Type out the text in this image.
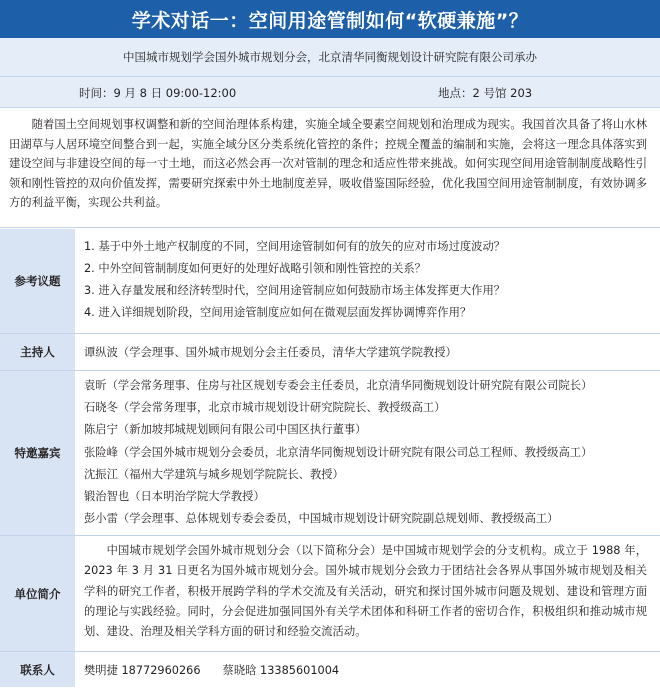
学术对话一：空间用途管制如何“软硬兼施”？
中国城市规划学会国外城市规划分会，北京清华同衡规划设计研究院有限公司承办
时间：9 月 8 日 09:00-12:00	地点：2 号馆 203
随着国土空间规划事权调整和新的空间治理体系构建，实施全域全要素空间规划和治理成为现实。我国首次具备了将山水林田湖草与人居环境空间整合到一起，实施全域分区分类系统化管控的条件；控规全覆盖的编制和实施，会将这一理念具体落实到建设空间与非建设空间的每一寸土地，而这必然会再一次对管制的理念和适应性带来挑战。如何实现空间用途管制制度战略性引领和刚性管控的双向价值发挥，需要研究探索中外土地制度差异，吸收借鉴国际经验，优化我国空间用途管制制度，有效协调多方的利益平衡，实现公共利益。
参考议题

1. 基于中外土地产权制度的不同，空间用途管制如何有的放矢的应对市场过度波动？

2. 中外空间管制制度如何更好的处理好战略引领和刚性管控的关系？

3. 进入存量发展和经济转型时代，空间用途管制应如何鼓励市场主体发挥更大作用？

4. 进入详细规划阶段，空间用途管制度应如何在微观层面发挥协调博弈作用？

主持人	谭纵波（学会理事、国外城市规划分会主任委员，清华大学建筑学院教授）
特邀嘉宾

袁昕（学会常务理事、住房与社区规划专委会主任委员，北京清华同衡规划设计研究院有限公司院长）

石晓冬（学会常务理事，北京市城市规划设计研究院院长、教授级高工）

陈启宁（新加坡邦城规划顾问有限公司中国区执行董事）

张险峰（学会国外城市规划分会委员，北京清华同衡规划设计研究院有限公司总工程师、教授级高工）

沈振江（福州大学建筑与城乡规划学院院长、教授）

锻治智也（日本明治学院大学教授）

彭小雷（学会理事、总体规划专委会委员，中国城市规划设计研究院副总规划师、教授级高工）

单位简介
中国城市规划学会国外城市规划分会（以下简称分会）是中国城市规划学会的分支机构。成立于 1988 年，2023 年 3 月 31 日更名为国外城市规划分会。国外城市规划分会致力于团结社会各界从事国外城市规划及相关学科的研究工作者，积极开展跨学科的学术交流及有关活动，研究和探讨国外城市问题及规划、建设和管理方面的理论与实践经验。同时，分会促进加强同国外有关学术团体和科研工作者的密切合作，积极组织和推动城市规划、建设、治理及相关学科方面的研讨和经验交流活动。
联系人	樊明捷 18772960266 蔡晓晗 13385601004
